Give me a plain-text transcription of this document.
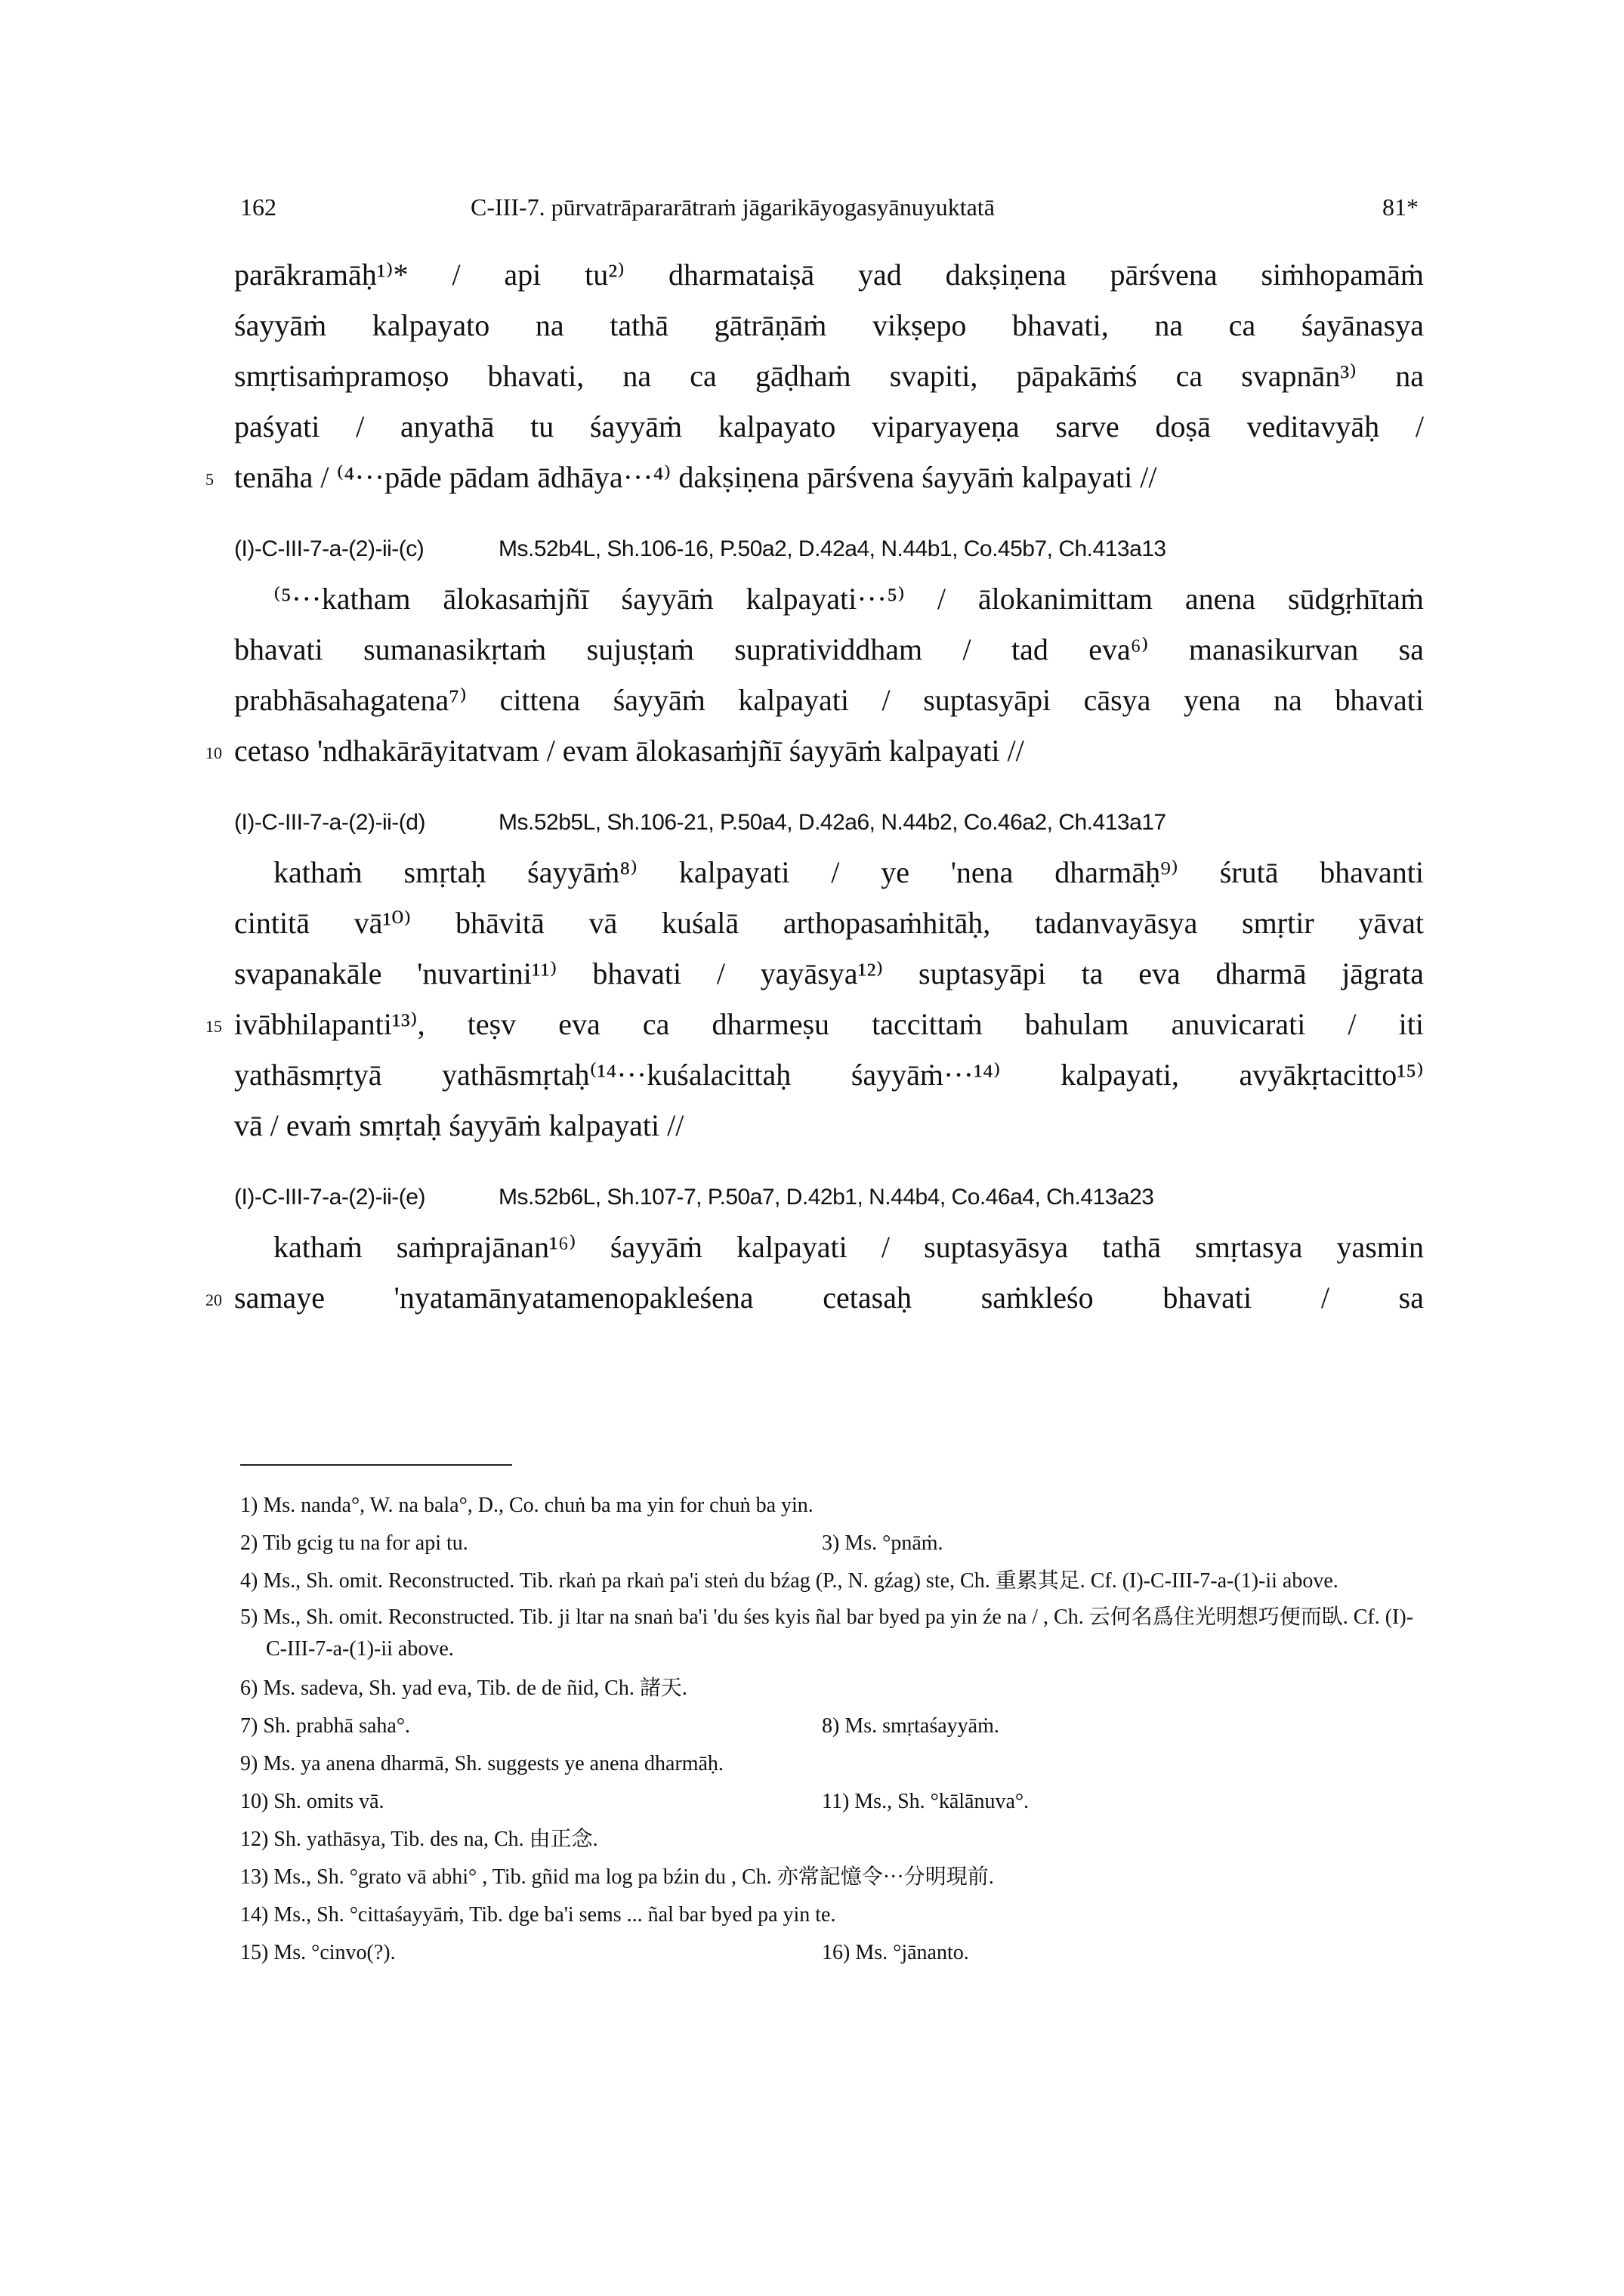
162	C-III-7. pūrvatrāpararātraṁ jāgarikāyogasyānuyuktatā	81*
parākramāḥ¹⁾* / api tu²⁾ dharmataiṣā yad dakṣiṇena pārśvena siṁhopamāṁ
śayyāṁ kalpayato na tathā gātrāṇāṁ vikṣepo bhavati, na ca śayānasya
smṛtisaṁpramoṣo bhavati, na ca gāḍhaṁ svapiti, pāpakāṁś ca svapnān³⁾ na
paśyati / anyathā tu śayyāṁ kalpayato viparyayeṇa sarve doṣā veditavyāḥ /
5 tenāha / ⁽⁴···pāde pādam ādhāya···⁴⁾ dakṣiṇena pārśvena śayyāṁ kalpayati //
(I)-C-III-7-a-(2)-ii-(c)	Ms.52b4L, Sh.106-16, P.50a2, D.42a4, N.44b1, Co.45b7, Ch.413a13
⁽⁵···katham ālokasaṁjñī śayyāṁ kalpayati···⁵⁾ / ālokanimittam anena sūdgṛhītaṁ
bhavati sumanasikṛtaṁ sujuṣṭaṁ supratividdham / tad eva⁶⁾ manasikurvan sa
prabhāsahagatena⁷⁾ cittena śayyāṁ kalpayati / suptasyāpi cāsya yena na bhavati
10 cetaso 'ndhakārāyitatvam / evam ālokasaṁjñī śayyāṁ kalpayati //
(I)-C-III-7-a-(2)-ii-(d)	Ms.52b5L, Sh.106-21, P.50a4, D.42a6, N.44b2, Co.46a2, Ch.413a17
kathaṁ smṛtaḥ śayyāṁ⁸⁾ kalpayati / ye 'nena dharmāḥ⁹⁾ śrutā bhavanti
cintitā vā¹⁰⁾ bhāvitā vā kuśalā arthopasaṁhitāḥ, tadanvayāsya smṛtir yāvat
svapanakāle 'nuvartini¹¹⁾ bhavati / yayāsya¹²⁾ suptasyāpi ta eva dharmā jāgrata
15 ivābhilapanti¹³⁾, teṣv eva ca dharmeṣu taccittaṁ bahulam anuvicarati / iti
yathāsmṛtyā yathāsmṛtaḥ⁽¹⁴···kuśalacittaḥ śayyāṁ···¹⁴⁾ kalpayati, avyākṛtacitto¹⁵⁾
vā / evaṁ smṛtaḥ śayyāṁ kalpayati //
(I)-C-III-7-a-(2)-ii-(e)	Ms.52b6L, Sh.107-7, P.50a7, D.42b1, N.44b4, Co.46a4, Ch.413a23
kathaṁ saṁprajānan¹⁶⁾ śayyāṁ kalpayati / suptasyāsya tathā smṛtasya yasmin
20 samaye 'nyatamānyatamenopakleśena cetasaḥ saṁkleśo bhavati / sa
1) Ms. nanda°, W. na bala°, D., Co. chuṅ ba ma yin for chuṅ ba yin.
2) Tib gcig tu na for api tu.	3) Ms. °pnāṁ.
4) Ms., Sh. omit. Reconstructed. Tib. rkaṅ pa rkaṅ pa'i steṅ du bźag (P., N. gźag) ste, Ch. 重累其足. Cf. (I)-C-III-7-a-(1)-ii above.
5) Ms., Sh. omit. Reconstructed. Tib. ji ltar na snaṅ ba'i 'du śes kyis ñal bar byed pa yin źe na / , Ch. 云何名爲住光明想巧便而臥. Cf. (I)-C-III-7-a-(1)-ii above.
6) Ms. sadeva, Sh. yad eva, Tib. de de ñid, Ch. 諸天.
7) Sh. prabhā saha°.	8) Ms. smṛtaśayyāṁ.
9) Ms. ya anena dharmā, Sh. suggests ye anena dharmāḥ.
10) Sh. omits vā.	11) Ms., Sh. °kālānuva°.
12) Sh. yathāsya, Tib. des na, Ch. 由正念.
13) Ms., Sh. °grato vā abhi° , Tib. gñid ma log pa bźin du , Ch. 亦常記憶令···分明現前.
14) Ms., Sh. °cittaśayyāṁ, Tib. dge ba'i sems ... ñal bar byed pa yin te.
15) Ms. °cinvo(?).	16) Ms. °jānanto.
